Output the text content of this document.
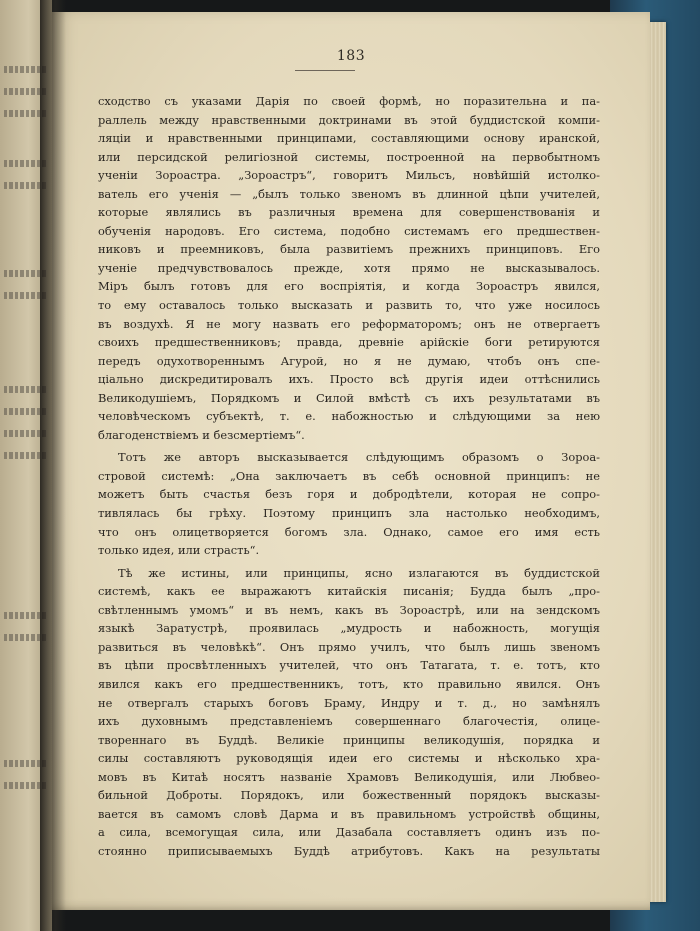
183
сходство съ указами Дарія по своей формѣ, но поразительна и па-
раллель между нравственными доктринами въ этой буддистской компи-
ляціи и нравственными принципами, составляющими основу иранской,
или персидской религіозной системы, построенной на первобытномъ
ученіи Зороастра. „Зороастръ“, говоритъ Мильсъ, новѣйшій истолко-
ватель его ученія — „былъ только звеномъ въ длинной цѣпи учителей,
которые являлись въ различныя времена для совершенствованія и
обученія народовъ. Его система, подобно системамъ его предшествен-
никовъ и преемниковъ, была развитіемъ прежнихъ принциповъ. Его
ученіе предчувствовалось прежде, хотя прямо не высказывалось.
Міръ былъ готовъ для его воспріятія, и когда Зороастръ явился,
то ему оставалось только высказать и развить то, что уже носилось
въ воздухѣ. Я не могу назвать его реформаторомъ; онъ не отвергаетъ
своихъ предшественниковъ; правда, древніе арійскіе боги ретируются
передъ одухотвореннымъ Агурой, но я не думаю, чтобъ онъ спе-
ціально дискредитировалъ ихъ. Просто всѣ другія идеи оттѣснились
Великодушіемъ, Порядкомъ и Силой вмѣстѣ съ ихъ результатами въ
человѣческомъ субъектѣ, т. е. набожностью и слѣдующими за нею
благоденствіемъ и безсмертіемъ“.
Тотъ же авторъ высказывается слѣдующимъ образомъ о Зороа-
стровой системѣ: „Она заключаетъ въ себѣ основной принципъ: не
можетъ быть счастья безъ горя и добродѣтели, которая не сопро-
тивлялась бы грѣху. Поэтому принципъ зла настолько необходимъ,
что онъ олицетворяется богомъ зла. Однако, самое его имя есть
только идея, или страсть“.
Тѣ же истины, или принципы, ясно излагаются въ буддистской
системѣ, какъ ее выражаютъ китайскія писанія; Будда былъ „про-
свѣтленнымъ умомъ“ и въ немъ, какъ въ Зороастрѣ, или на зендскомъ
языкѣ Заратустрѣ, проявилась „мудрость и набожность, могущія
развиться въ человѣкѣ“. Онъ прямо училъ, что былъ лишь звеномъ
въ цѣпи просвѣтленныхъ учителей, что онъ Татагата, т. е. тотъ, кто
явился какъ его предшественникъ, тотъ, кто правильно явился. Онъ
не отвергалъ старыхъ боговъ Браму, Индру и т. д., но замѣнялъ
ихъ духовнымъ представленіемъ совершеннаго благочестія, олице-
твореннаго въ Буддѣ. Великіе принципы великодушія, порядка и
силы составляютъ руководящія идеи его системы и нѣсколько хра-
мовъ въ Китаѣ носятъ названіе Храмовъ Великодушія, или Любвео-
бильной Доброты. Порядокъ, или божественный порядокъ высказы-
вается въ самомъ словѣ Дарма и въ правильномъ устройствѣ общины,
а сила, всемогущая сила, или Дазабала составляетъ одинъ изъ по-
стоянно приписываемыхъ Буддѣ атрибутовъ. Какъ на результаты
